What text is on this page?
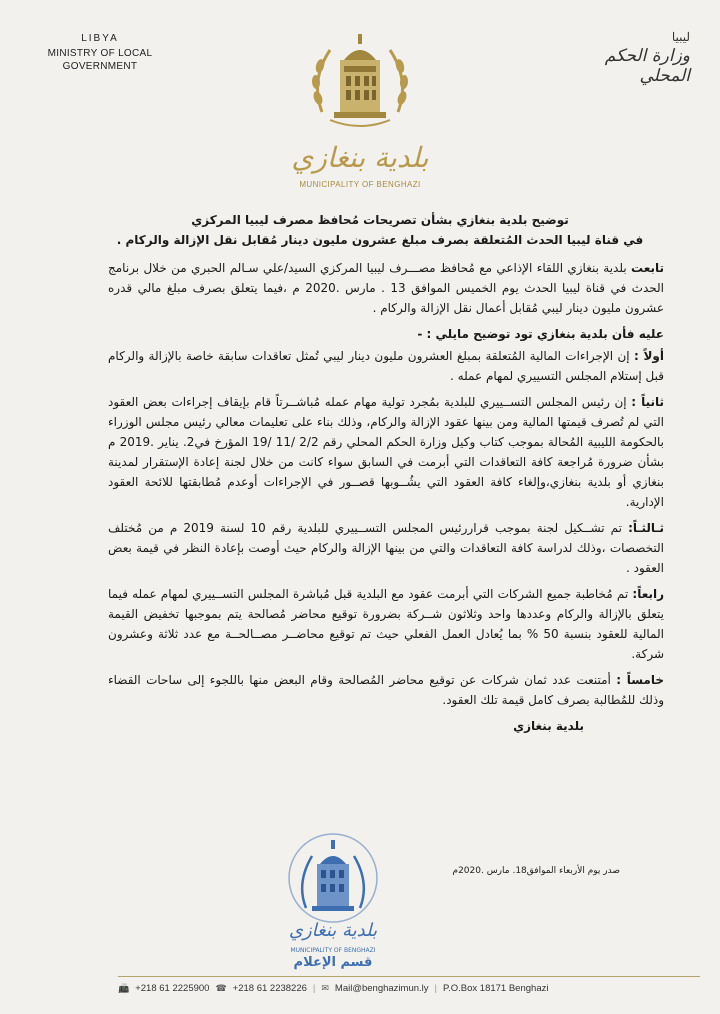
LIBYA
MINISTRY OF LOCAL
GOVERNMENT
ليبيا
وزارة الحكم المحلي
بلدية بنغازي
MUNICIPALITY OF BENGHAZI
توضيح بلدية بنغازي بشأن تصريحات مُحافظ مصرف ليبيا المركزي
في قناة ليبيا الحدث المُتعلقة بصرف مبلغ عشرون مليون دينار مُقابل نقل الإزالة والركام .

تابعت بلدية بنغازي اللقاء الإذاعي مع مُحافظ مصـــرف ليبيا المركزي السيد/علي سـالم الحبري من خلال برنامج الحدث في قناة ليبيا الحدث يوم الخميس الموافق 13 . مارس .2020 م ،فيما يتعلق بصرف مبلغ مالي قدره عشرون مليون دينار ليبي مُقابل أعمال نقل الإزالة والركام .

عليه فأن بلدية بنغازي تود توضيح مايلي : -

أولاً : إن الإجراءات المالية المُتعلقة بمبلغ العشرون مليون دينار ليبي تُمثل تعاقدات سابقة خاصة بالإزالة والركام قبل إستلام المجلس التسييري لمهام عمله .

ثانياً : إن رئيس المجلس التســييري للبلدية بمُجرد تولية مهام عمله مُباشــرتاً قام بإيقاف إجراءات بعض العقود التي لم تُصرف قيمتها المالية ومن بينها عقود الإزالة والركام، وذلك بناء على تعليمات معالي رئيس مجلس الوزراء بالحكومة الليبية المُحالة بموجب كتاب وكيل وزارة الحكم المحلي رقم 2/2 /11 /19 المؤرخ في2. يناير .2019 م بشأن ضرورة مُراجعة كافة التعاقدات التي أبرمت في السابق سواء كانت من خلال لجنة إعادة الإستقرار لمدينة بنغازي أو بلدية بنغازي،وإلغاء كافة العقود التي يشُــوبها قصــور في الإجراءات أوعدم مُطابقتها للائحة العقود الإدارية.

ثـالثـاً: تم تشــكيل لجنة بموجب قراررئيس المجلس التســييري للبلدية رقم 10 لسنة 2019 م من مُختلف التخصصات ،وذلك لدراسة كافة التعاقدات والتي من بينها الإزالة والركام حيث أوصت بإعادة النظر في قيمة بعض العقود .

رابعاً: تم مُخاطبة جميع الشركات التي أبرمت عقود مع البلدية قبل مُباشرة المجلس التســييري لمهام عمله فيما يتعلق بالإزالة والركام وعددها واحد وثلاثون شــركة بضرورة توقيع محاضر مُصالحة يتم بموجبها تخفيض القيمة المالية للعقود بنسبة 50 % بما يُعادل العمل الفعلي حيث تم توقيع محاضــر مصــالحــة مع عدد ثلاثة وعشرون شركة.

خامساً : أمتنعت عدد ثمان شركات عن توقيع محاضر المُصالحة وقام البعض منها باللجوء إلى ساحات القضاء وذلك للمُطالبة بصرف كامل قيمة تلك العقود.

بلدية بنغازي

صدر يوم الأربعاء الموافق18. مارس .2020م
بلدية بنغازي
MUNICIPALITY OF BENGHAZI
قسم الإعلام
📠 +218 61 2225900 ☎ +218 61 2238226 | ✉ Mail@benghazimun.ly | P.O.Box 18171 Benghazi
